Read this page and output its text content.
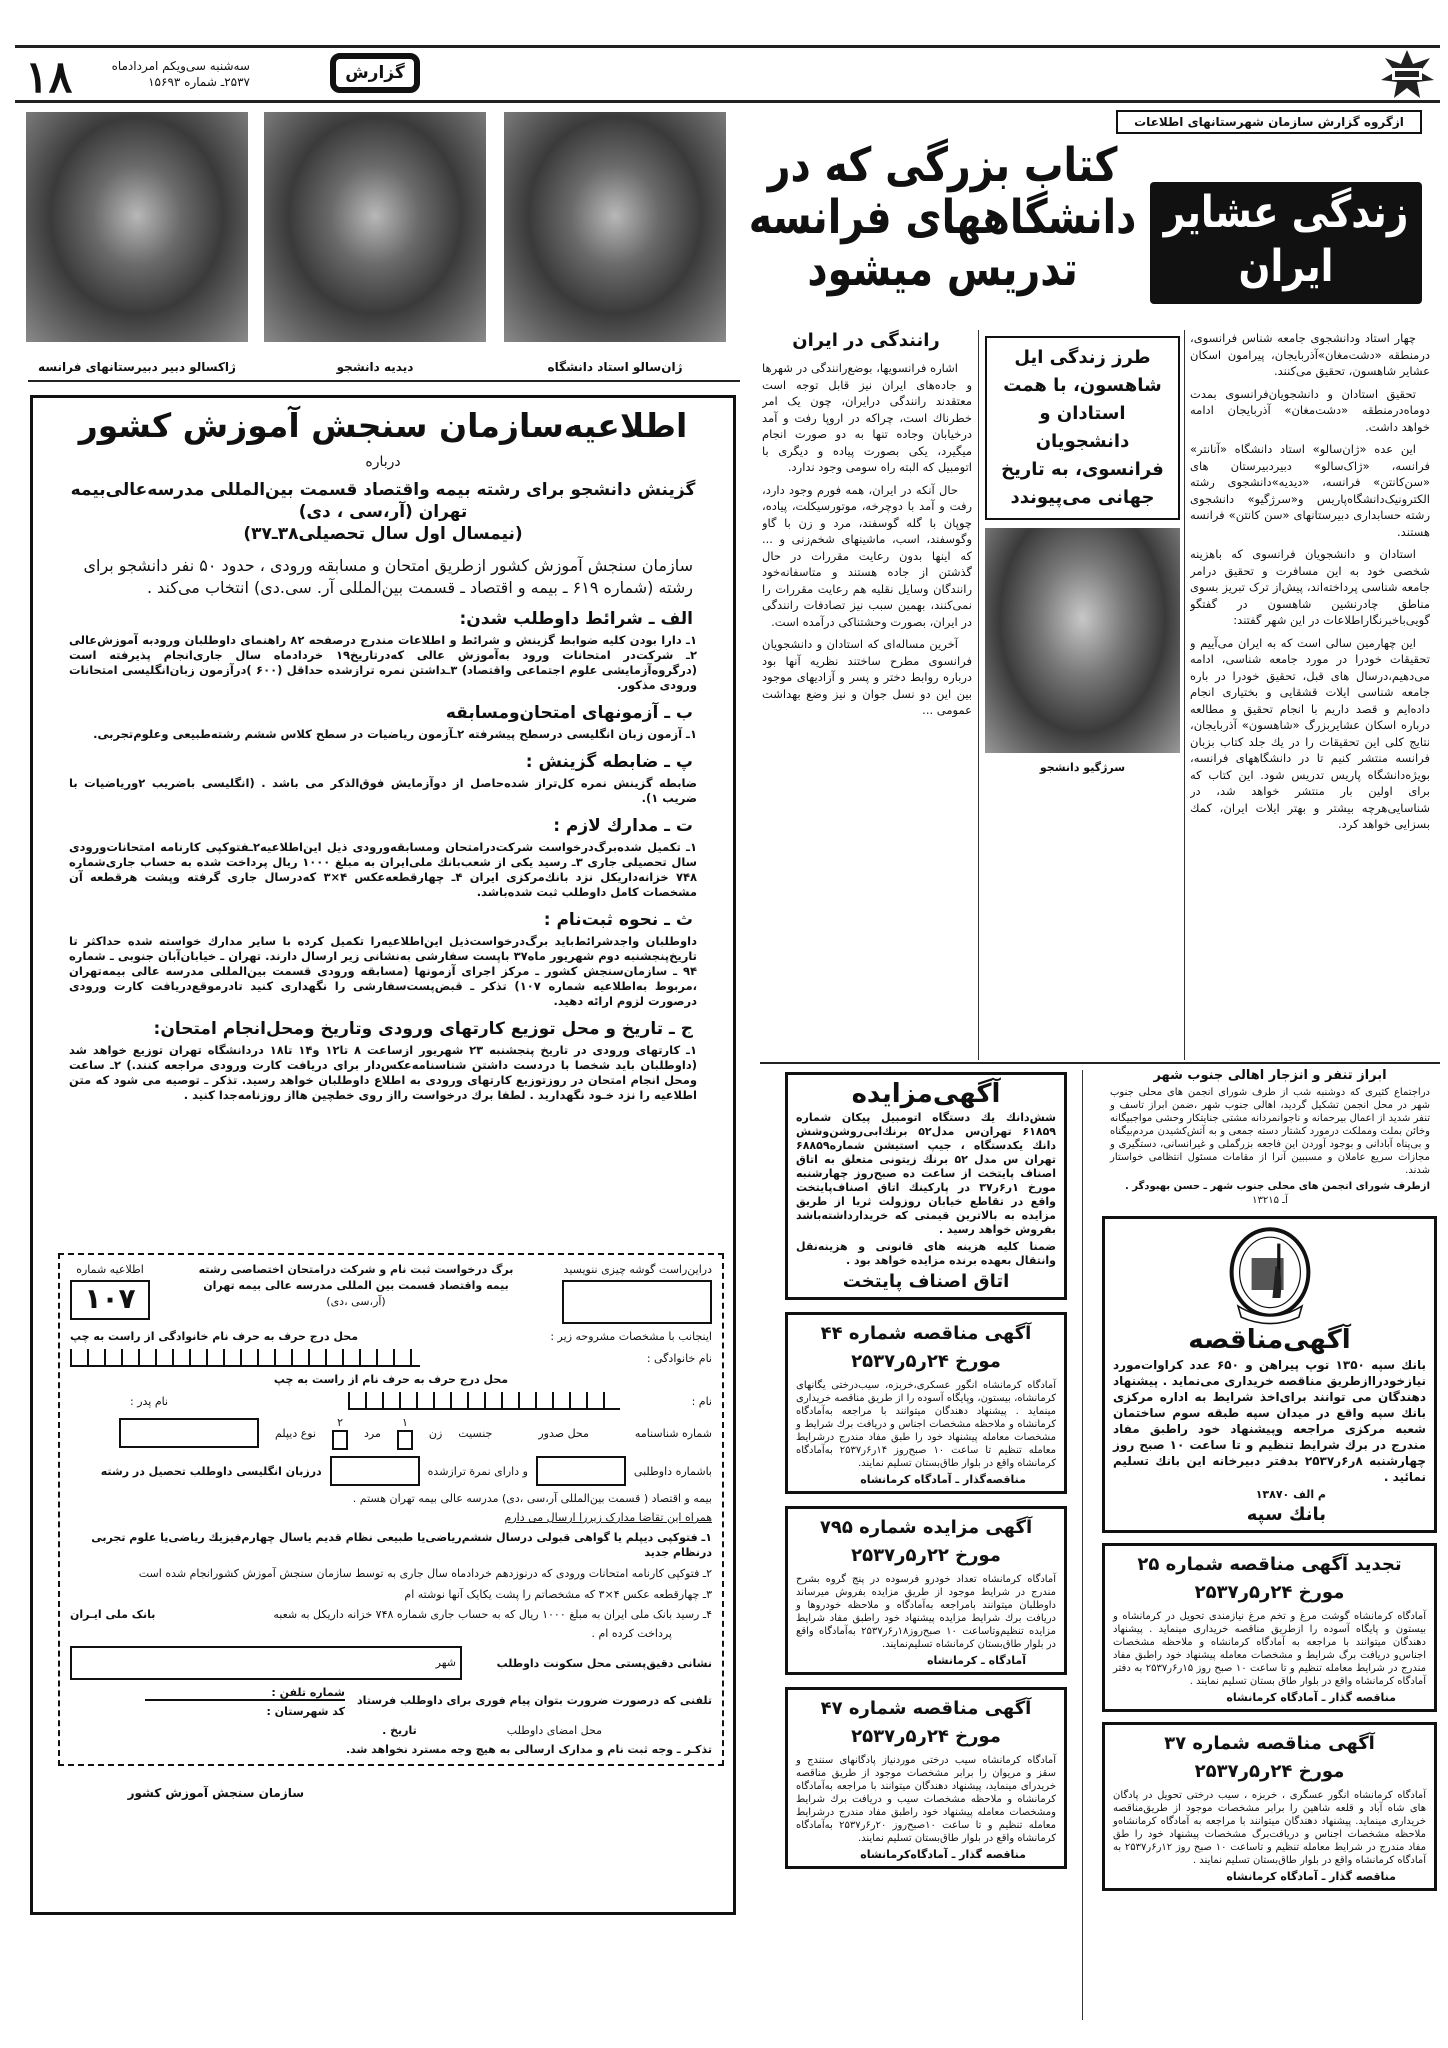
۱۸	سه‌شنبه سی‌ویکم امردادماه
۲۵۳۷ـ شماره ۱۵۶۹۳	گزارش
ژان‌سالو استاد دانشگاه
دیدیه دانشجو
ژاکسالو دبیر دبیرستانهای فرانسه
ازگروه گزارش سازمان شهرستانهای اطلاعات
کتاب بزرگی که در دانشگاههای فرانسه تدریس میشود
زندگی عشایر ایران

چهار استاد ودانشجوی جامعه شناس فرانسوی، درمنطقه «دشت‌مغان»آذربایجان، پیرامون اسکان عشایر شاهسون، تحقیق می‌کنند.

تحقیق استادان و دانشجویان‌فرانسوی بمدت دوماه‌درمنطقه «دشت‌مغان» آذربایجان ادامه خواهد داشت.

این عده «ژان‌سالو» استاد دانشگاه «آنانتر» فرانسه، «ژاک‌سالو» دبیردبیرستان های «سن‌کانتن» فرانسه، «دیدیه»دانشجوی رشته الکترونیک‌دانشگاه‌پاریس و«سرژگیو» دانشجوی رشته حسابداری دبیرستانهای «سن کانتن» فرانسه هستند.

استادان و دانشجویان فرانسوی که باهزینه شخصی خود به این مسافرت و تحقیق درامر جامعه شناسی پرداخته‌اند، پیش‌از ترک تبریز بسوی مناطق چادرنشین شاهسون در گفتگو گویی‌باخبرنگاراطلاعات در این شهر گفتند:

این چهارمین سالی است که به ایران می‌آییم و تحقیقات خودرا در مورد جامعه شناسی، ادامه می‌دهیم،درسال های قبل، تحقیق خودرا در باره جامعه شناسی ایلات قشقایی و بختیاری انجام داده‌ایم و قصد داریم با انجام تحقیق و مطالعه درباره اسکان عشایربزرگ «شاهسون» آذربایجان، نتایج کلی این تحقیقات را در یك جلد کتاب بزبان فرانسه منتشر کنیم تا در دانشگاههای فرانسه، بویژه‌دانشگاه پاریس تدریس شود. این کتاب که برای اولین بار منتشر خواهد شد، در شناسایی‌هرچه بیشتر و بهتر ایلات ایران، کمك بسزایی خواهد کرد.

طرز زندگی ایل شاهسون، با همت استادان و دانشجویان فرانسوی، به تاریخ جهانی می‌پیوندد
سرژگیو دانشجو
رانندگی در ایران

اشاره فرانسویها، بوضع‌رانندگی در شهرها و جاده‌های ایران نیز قابل توجه است معتقدند رانندگی درایران، چون یک امر خطرناك است، چراکه در اروپا رفت و آمد درخیابان وجاده تنها به دو صورت انجام میگیرد، یکی بصورت پیاده و دیگری با اتومبیل که البته راه سومی وجود ندارد.

حال آنکه در ایران، همه فورم وجود دارد، رفت و آمد با دوچرخه، موتورسیکلت، پیاده، چوپان با گله گوسفند، مرد و زن با گاو وگوسفند، اسب، ماشینهای شخم‌زنی و ... که اینها بدون رعایت مقررات در حال گذشتن از جاده هستند و متاسفانه‌خود رانندگان وسایل نقلیه هم رعایت مقررات را نمی‌کنند، بهمین سبب نیز تصادفات رانندگی در ایران، بصورت وحشتناکی درآمده است.

آخرین مساله‌ای که استادان و دانشجویان فرانسوی مطرح ساختند نظریه آنها بود درباره روابط دختر و پسر و آزادیهای موجود بین این دو نسل جوان و نیز وضع بهداشت عمومی ...

اطلاعیه‌سازمان سنجش آموزش کشور
درباره
گزینش دانشجو برای رشته بیمه واقتصاد قسمت بین‌المللی مدرسه‌عالی‌بیمه
تهران (آر،سی ، دی)
(نیمسال اول سال تحصیلی۳۸ـ۳۷)
سازمان سنجش آموزش کشور ازطریق امتحان و مسابقه ورودی ، حدود ۵۰ نفر دانشجو برای رشته (شماره ۶۱۹ ـ بیمه و اقتصاد ـ قسمت بین‌المللی آر. سی.دی) انتخاب می‌کند .
الف ـ شرائط داوطلب شدن:
۱ـ دارا بودن کلیه ضوابط گزینش و شرائط و اطلاعات مندرج درصفحه ۸۲ راهنمای داوطلبان ورودبه آموزش‌عالی ۲ـ شرکت‌در امتحانات ورود به‌آموزش عالی که‌درتاریخ۱۹ خردادماه سال جاری‌انجام پذیرفته است (درگروه‌آزمایشی علوم اجتماعی واقتصاد) ۳ـداشتن نمره ترازشده حداقل (۶۰۰ )درآزمون زبان‌انگلیسی امتحانات ورودی مذکور.
ب ـ آزمونهای امتحان‌ومسابقه
۱ـ آزمون زبان انگلیسی درسطح پیشرفته ۲ـآزمون ریاضیات در سطح کلاس ششم رشته‌طبیعی وعلوم‌تجربی.
پ ـ ضابطه گزینش :
ضابطه گزینش نمره کل‌تراز شده‌حاصل از دوآزمایش فوق‌الذکر می باشد . (انگلیسی باضریب ۲وریاضیات با ضریب ۱).
ت ـ مدارك لازم :
۱ـ تکمیل شده‌برگ‌درخواست شرکت‌درامتحان ومسابقه‌ورودی ذیل این‌اطلاعیه۲ـفتوکپی کارنامه امتحانات‌ورودی سال تحصیلی جاری ۳ـ رسید یکی از شعب‌بانك ملی‌ایران به مبلغ ۱۰۰۰ ریال پرداخت شده به حساب جاری‌شماره ۷۴۸ خزانه‌داریکل نزد بانك‌مرکزی ایران ۴ـ چهارقطعه‌عکس ۴×۳ که‌درسال جاری گرفته وپشت هرقطعه آن مشخصات کامل داوطلب ثبت شده‌باشد.
ث ـ نحوه ثبت‌نام :
داوطلبان واجدشرائط‌باید برگ‌درخواست‌ذیل این‌اطلاعیه‌را تکمیل کرده با سایر مدارك خواسته شده حداکثر تا تاریخ‌پنجشنبه دوم شهریور ماه۳۷ باپست سفارشی به‌نشانی زیر ارسال دارند. تهران ـ خیابان‌آبان جنوبی ـ شماره ۹۴ ـ سازمان‌سنجش کشور ـ مرکز اجرای آزمونها (مسابقه ورودی قسمت بین‌المللی مدرسه عالی بیمه‌تهران ،مربوط به‌اطلاعیه شماره ۱۰۷) تذکر ـ قبض‌پست‌سفارشی را نگهداری کنید تادرموقع‌دریافت کارت ورودی درصورت لزوم ارائه دهید.
ج ـ تاریخ و محل توزیع کارتهای ورودی وتاریخ ومحل‌انجام امتحان:
۱ـ کارتهای ورودی در تاریخ پنجشنبه ۲۳ شهریور ازساعت ۸ تا۱۲ و۱۴ تا۱۸ دردانشگاه تهران توزیع خواهد شد (داوطلبان باید شخصا با دردست داشتن شناسنامه‌عکس‌دار برای دریافت کارت ورودی مراجعه کنند.) ۲ـ ساعت ومحل انجام امتحان در روزتوزیع کارتهای ورودی به اطلاع داوطلبان خواهد رسید. تذکر ـ توصیه می شود که متن اطلاعیه را نزد خـود نگهدارید . لطفا برك درخواست رااز روی خطچین هااز روزنامه‌جدا کنید .
دراین‌راست گوشه چیزی ننویسید
برگ درخواست ثبت نام و شرکت درامتحان اختصاصی رشته
بیمه واقتصاد قسمت بین المللی مدرسه عالی بیمه تهران
(آر،سی ،دی)
اطلاعیه شماره
۱۰۷
اینجانب با مشخصات مشروحه زیر :
محل درج حرف به حرف نام خانوادگی از راست به چپ
نام خانوادگی :
محل درج حرف به حرف نام از راست به چپ
نام :
نام پدر :
شماره شناسنامه
محل صدور
جنسیت
زن
۱
مرد
۲
نوع دیپلم
باشماره داوطلبی
و دارای نمرة ترازشده
درزبان انگلیسی داوطلب تحصیل در رشته
بیمه و اقتصاد ( قسمت بین‌المللی آر،سی ،دی) مدرسه عالی بیمه تهران هستم .
همراه این تقاضا مدارک زیررا ارسال می دارم
۱ـ فتوکپی دیپلم یا گواهی قبولی درسال ششم‌ریاضی‌یا طبیعی نظام قدیم یاسال چهارم‌فیزیك ریاضی‌یا علوم تجربی درنظام جدید
۲ـ فتوکپی کارنامه امتحانات ورودی که درنوزدهم خردادماه سال جاری به توسط سازمان سنجش آموزش کشورانجام شده است
۳ـ چهارقطعه عکس ۴×۳ که مشخصاتم را پشت یکایک آنها نوشته ام
۴ـ رسید بانک ملی ایران به مبلغ ۱۰۰۰ ریال که به حساب جاری شماره ۷۴۸ خزانه داریکل به شعبه
بانک ملی ایـران
پرداخت کرده ام .
نشانی دقیق‌پستی محل سکونت داوطلب
شهر
تلفنی که درصورت ضرورت بتوان پیام فوری برای داوطلب فرستاد
شماره تلفن :
کد شهرستان :
محل امضای داوطلب
تاریخ .
تذکـر ـ وجه ثبت نام و مدارک ارسالی به هیچ وجه مسترد نخواهد شد.
سازمان سنجش آموزش کشور
آگهی‌مزایده
شش‌دانك يك دستگاه اتومبيل پيكان شماره ۶۱۸۵۹ تهران‌س مدل۵۲ برنك‌ابی‌روشن‌وشش دانك يكدستگاه ، جيپ استيشن شماره۶۸۸۵۹ تهران س مدل ۵۲ برنك زيتونی متعلق به اتاق اصناف پايتخت از ساعت ده صبح‌روز چهارشنبه مورخ ۱ر۶ر۳۷ در پاركينك اتاق اصناف‌پايتخت واقع در تقاطع خيابان روزولت ثريا از طريق مزايده به بالاترين قيمتی كه خريدارداشته‌باشد بفروش خواهد رسيد .
ضمنا كليه هزينه های قانونی و هزينه‌نقل وانتقال بعهده برنده مزايده خواهد بود .
اتاق اصناف پايتخت
آگهی مناقصه شماره ۴۴
مورخ ۲۴ر۵ر۲۵۳۷
آمادگاه کرمانشاه انگور عسکری،خربزه، سیب‌درختی یگانهای کرمانشاه، بیستون، وپایگاه آسوده را از طریق مناقصه خریداری مینماید . پیشنهاد دهندگان میتوانند با مراجعه به‌آمادگاه کرمانشاه و ملاحظه مشخصات اجناس و دریافت برك شرایط و مشخصات معامله پیشنهاد خود را طبق مفاد مندرج درشرایط معامله تنظیم تا ساعت ۱۰ صبح‌روز ۱۴ر۶ر۲۵۳۷ به‌آمادگاه کرمانشاه واقع در بلوار طاق‌بستان تسلیم نمایند.
مناقصه‌گذار ـ آمادگاه کرمانشاه
آگهی مزایده شماره ۷۹۵
مورخ ۲۲ر۵ر۲۵۳۷
آمادگاه کرمانشاه تعداد خودرو فرسوده در پنج گروه بشرح مندرج در شرایط موجود از طریق مزایده بفروش میرساند داوطلبان میتوانند بامراجعه به‌آمادگاه و ملاحظه خودروها و دریافت برك شرایط مزایده پیشنهاد خود راطبق مفاد شرایط مزایده تنظیم‌وتاساعت ۱۰ صبح‌روز۱۸ر۶ر۲۵۳۷ به‌آمادگاه واقع در بلوار طاق‌بستان کرمانشاه تسلیم‌نمایند.
آمادگاه ـ کرمانشاه
آگهی مناقصه شماره ۴۷
مورخ ۲۴ر۵ر۲۵۳۷
آمادگاه کرمانشاه سیب درختی موردنیاز پادگانهای سنندج و سقز و مریوان را برابر مشخصات موجود از طریق مناقصه خریدرای مینماید، پیشنهاد دهندگان میتوانند با مراجعه به‌آمادگاه کرمانشاه و ملاحظه مشخصات سیب و دریافت برك شرایط ومشخصات معامله پیشنهاد خود راطبق مفاد مندرج درشرایط معامله تنظیم و تا ساعت ۱۰صبح‌روز ۲۰ر۶ر۲۵۳۷ به‌آمادگاه کرمانشاه واقع در بلوار طاق‌بستان تسلیم نمایند.
مناقصه گذار ـ آمادگاه‌کرمانشاه
ابراز تنفر و انزجار اهالی جنوب شهر
دراجتماع کثیری که دوشنبه شب از طرف شورای انجمن های محلی جنوب شهر در محل انجمن تشکیل گردید، اهالی جنوب شهر ،ضمن ابراز تاسف و تنفر شدید از اعمال بیرحمانه و ناجوانمردانه مشتی جنایتکار وحشی مواجبیگانه وخائن بملت ومملکت درمورد کشتار دسته جمعی و به آتش‌کشیدن مردم‌بیگناه و بی‌پناه آبادانی و بوجود آوردن این فاجعه بزرگملی و غیرانسانی، دستگیری و مجازات سریع عاملان و مسببین آنرا از مقامات مسئول انتظامی خواستار شدند.
ازطرف شورای انجمن های محلی جنوب شهر ـ حسن بهبودگر .
آـ ۱۳۲۱۵
آگهی‌مناقصه
بانك سپه ۱۳۵۰ توپ پیراهن و ۶۵۰ عدد کراوات‌مورد نیازخودرااز‌طریق مناقصه خریداری می‌نماید . پیشنهاد دهندگان می توانند برای‌اخذ شرایط به اداره مرکزی بانك سپه واقع در میدان سپه طبقه سوم ساختمان شعبه مرکزی مراجعه وپیشنهاد خود راطبق مفاد مندرج در برك شرایط تنظیم و تا ساعت ۱۰ صبح روز چهارشنبه ۸ر۶ر۲۵۳۷ بدفتر دبیرخانه این بانك تسلیم نمائید .
م الف ۱۳۸۷۰
بانك سپه
تجدید آگهی مناقصه شماره ۲۵
مورخ ۲۴ر۵ر۲۵۳۷
آمادگاه کرمانشاه گوشت مرغ و تخم مرغ نیازمندی تحویل در کرمانشاه و بیستون و پایگاه آسوده را ازطریق مناقصه خریداری مینماید . پیشنهاد دهندگان میتوانند با مراجعه به آمادگاه کرمانشاه و ملاحظه مشخصات اجناس‌و دریافت برگ شرایط و مشخصات معامله پیشنهاد خود راطبق مفاد مندرج در شرایط معامله تنظیم و تا ساعت ۱۰ صبح روز ۱۵ر۶ر۲۵۳۷ به دفتر آمادگاه کرمانشاه واقع در بلوار طاق بستان تسلیم نمایند .
مناقصه گذار ـ آمادگاه کرمانشاه
آگهی مناقصه شماره ۳۷
مورخ ۲۴ر۵ر۲۵۳۷
آمادگاه کرمانشاه انگور عسگری ، خربزه ، سیب درختی تحویل در پادگان های شاه آباد و قلعه شاهین را برابر مشخصات موجود از طریق‌مناقصه خریداری مینماید. پیشنهاد دهندگان میتوانند با مراجعه به آمادگاه کرمانشاه‌و ملاحظه مشخصات اجناس و دریافت‌برگ مشخصات پیشنهاد خود را طق مفاد مندرج در شرایط معامله تنظیم و تاساعت ۱۰ صبح روز ۱۲ر۶ر۲۵۳۷ به آمادگاه کرمانشاه واقع در بلوار طاق‌بستان تسلیم نمایند .
مناقصه گذار ـ آمادگاه کرمانشاه
